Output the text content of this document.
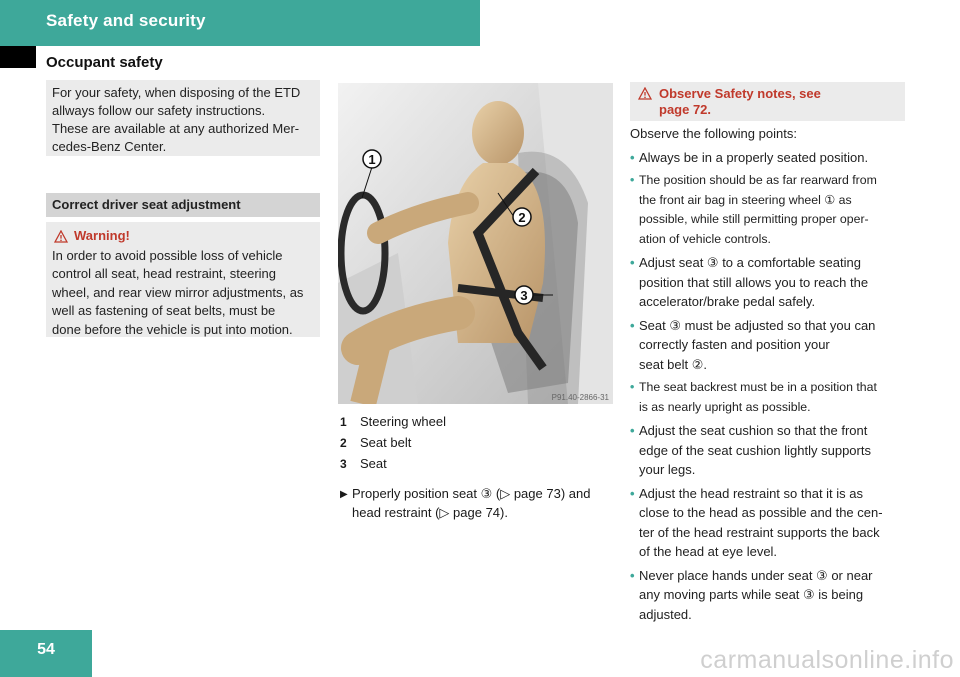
Safety and security
Occupant safety
For your safety, when disposing of the ETD
allways follow our safety instructions.
These are available at any authorized Mer-
cedes-Benz Center.
Correct driver seat adjustment
Warning!
In order to avoid possible loss of vehicle
control all seat, head restraint, steering
wheel, and rear view mirror adjustments, as
well as fastening of seat belts, must be
done before the vehicle is put into motion.
1
2
3
P91.40-2866-31
1	Steering wheel
2	Seat belt
3	Seat
▶ Properly position seat ③ (▷ page 73) and
head restraint (▷ page 74).
Observe Safety notes, see
page 72.
Observe the following points:
• Always be in a properly seated position.
• The position should be as far rearward from
the front air bag in steering wheel ① as
possible, while still permitting proper oper-
ation of vehicle controls.
• Adjust seat ③ to a comfortable seating
position that still allows you to reach the
accelerator/brake pedal safely.
• Seat ③ must be adjusted so that you can
correctly fasten and position your
seat belt ②.
• The seat backrest must be in a position that
is as nearly upright as possible.
• Adjust the seat cushion so that the front
edge of the seat cushion lightly supports
your legs.
• Adjust the head restraint so that it is as
close to the head as possible and the cen-
ter of the head restraint supports the back
of the head at eye level.
• Never place hands under seat ③ or near
any moving parts while seat ③ is being
adjusted.
54	carmanualsonline.info
